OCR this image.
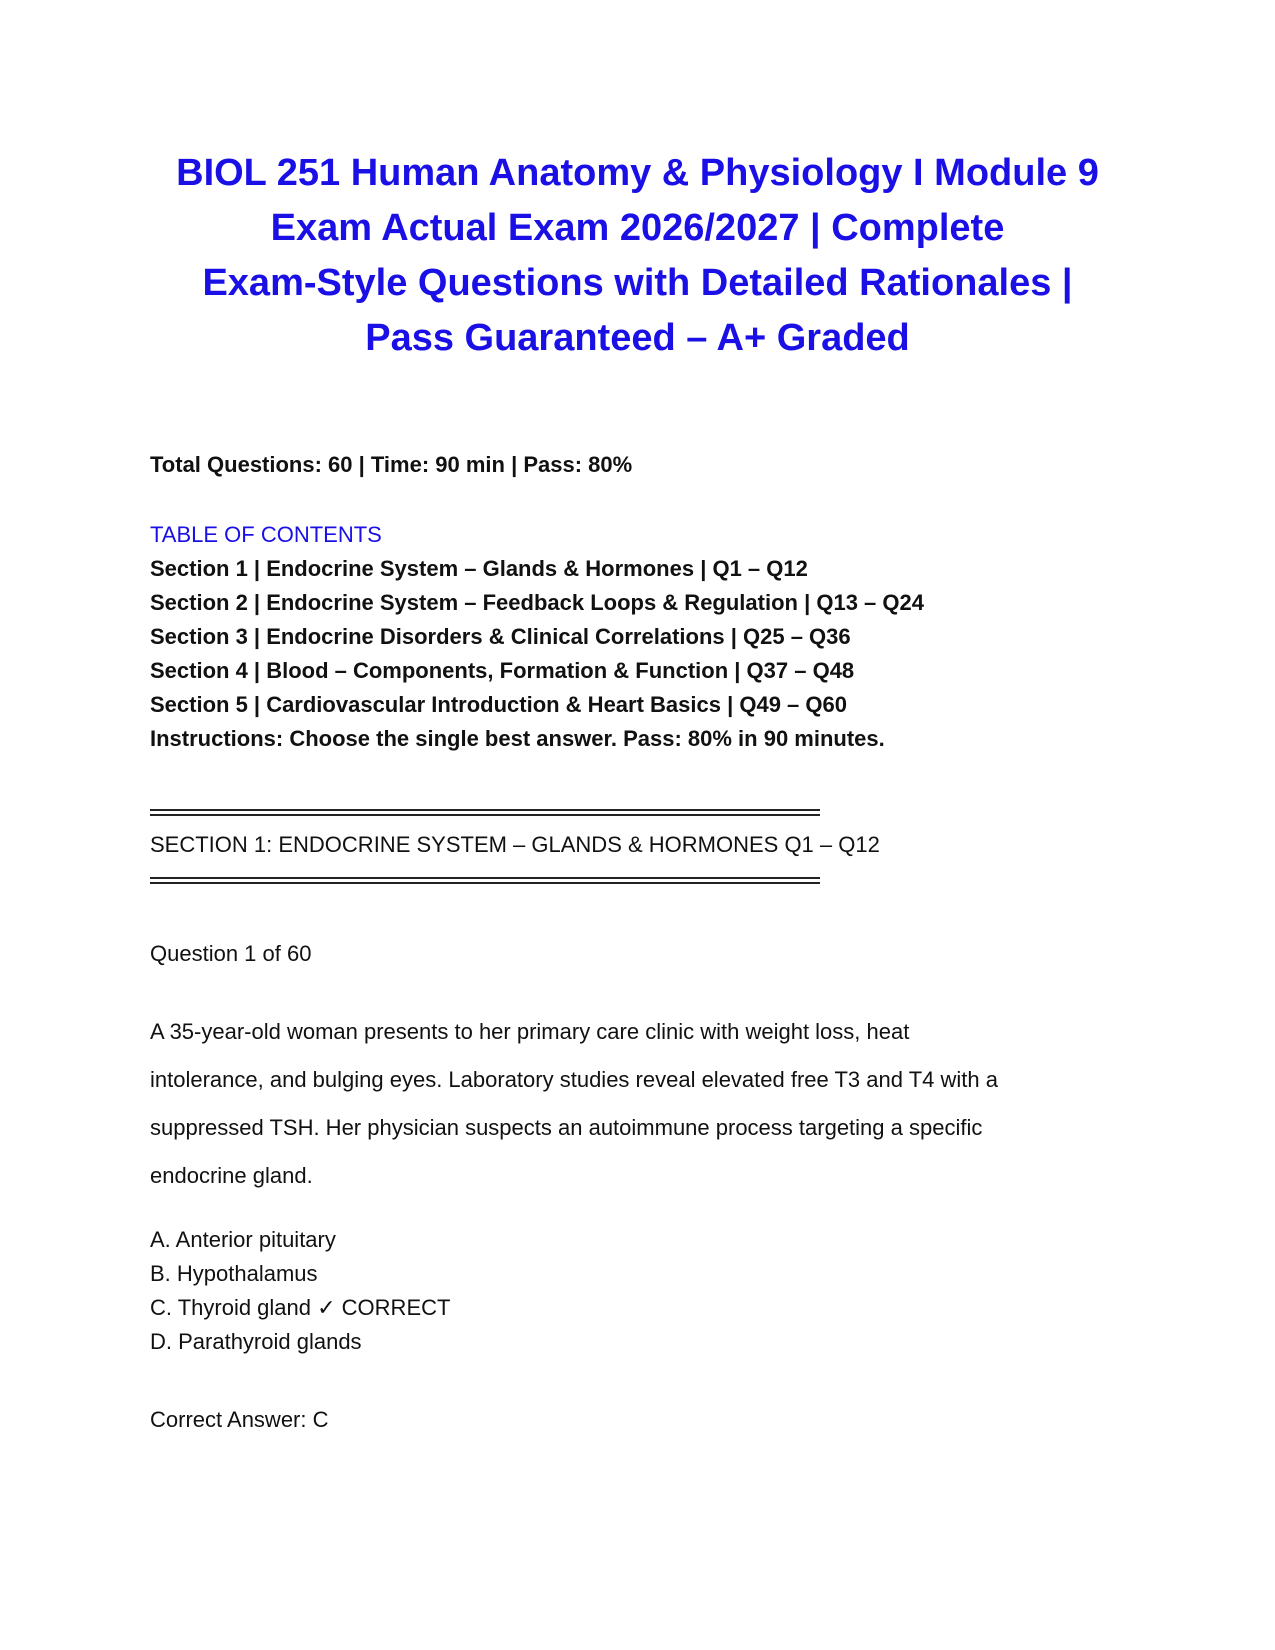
BIOL 251 Human Anatomy & Physiology I Module 9
Exam Actual Exam 2026/2027 | Complete
Exam-Style Questions with Detailed Rationales |
Pass Guaranteed – A+ Graded

Total Questions: 60 | Time: 90 min | Pass: 80%

TABLE OF CONTENTS

Section 1 | Endocrine System – Glands & Hormones | Q1 – Q12
Section 2 | Endocrine System – Feedback Loops & Regulation | Q13 – Q24
Section 3 | Endocrine Disorders & Clinical Correlations | Q25 – Q36
Section 4 | Blood – Components, Formation & Function | Q37 – Q48
Section 5 | Cardiovascular Introduction & Heart Basics | Q49 – Q60

Instructions: Choose the single best answer. Pass: 80% in 90 minutes.

SECTION 1: ENDOCRINE SYSTEM – GLANDS & HORMONES Q1 – Q12

Question 1 of 60

A 35-year-old woman presents to her primary care clinic with weight loss, heat
intolerance, and bulging eyes. Laboratory studies reveal elevated free T3 and T4 with a
suppressed TSH. Her physician suspects an autoimmune process targeting a specific
endocrine gland.

A. Anterior pituitary
B. Hypothalamus
C. Thyroid gland ✓ CORRECT
D. Parathyroid glands

Correct Answer: C
